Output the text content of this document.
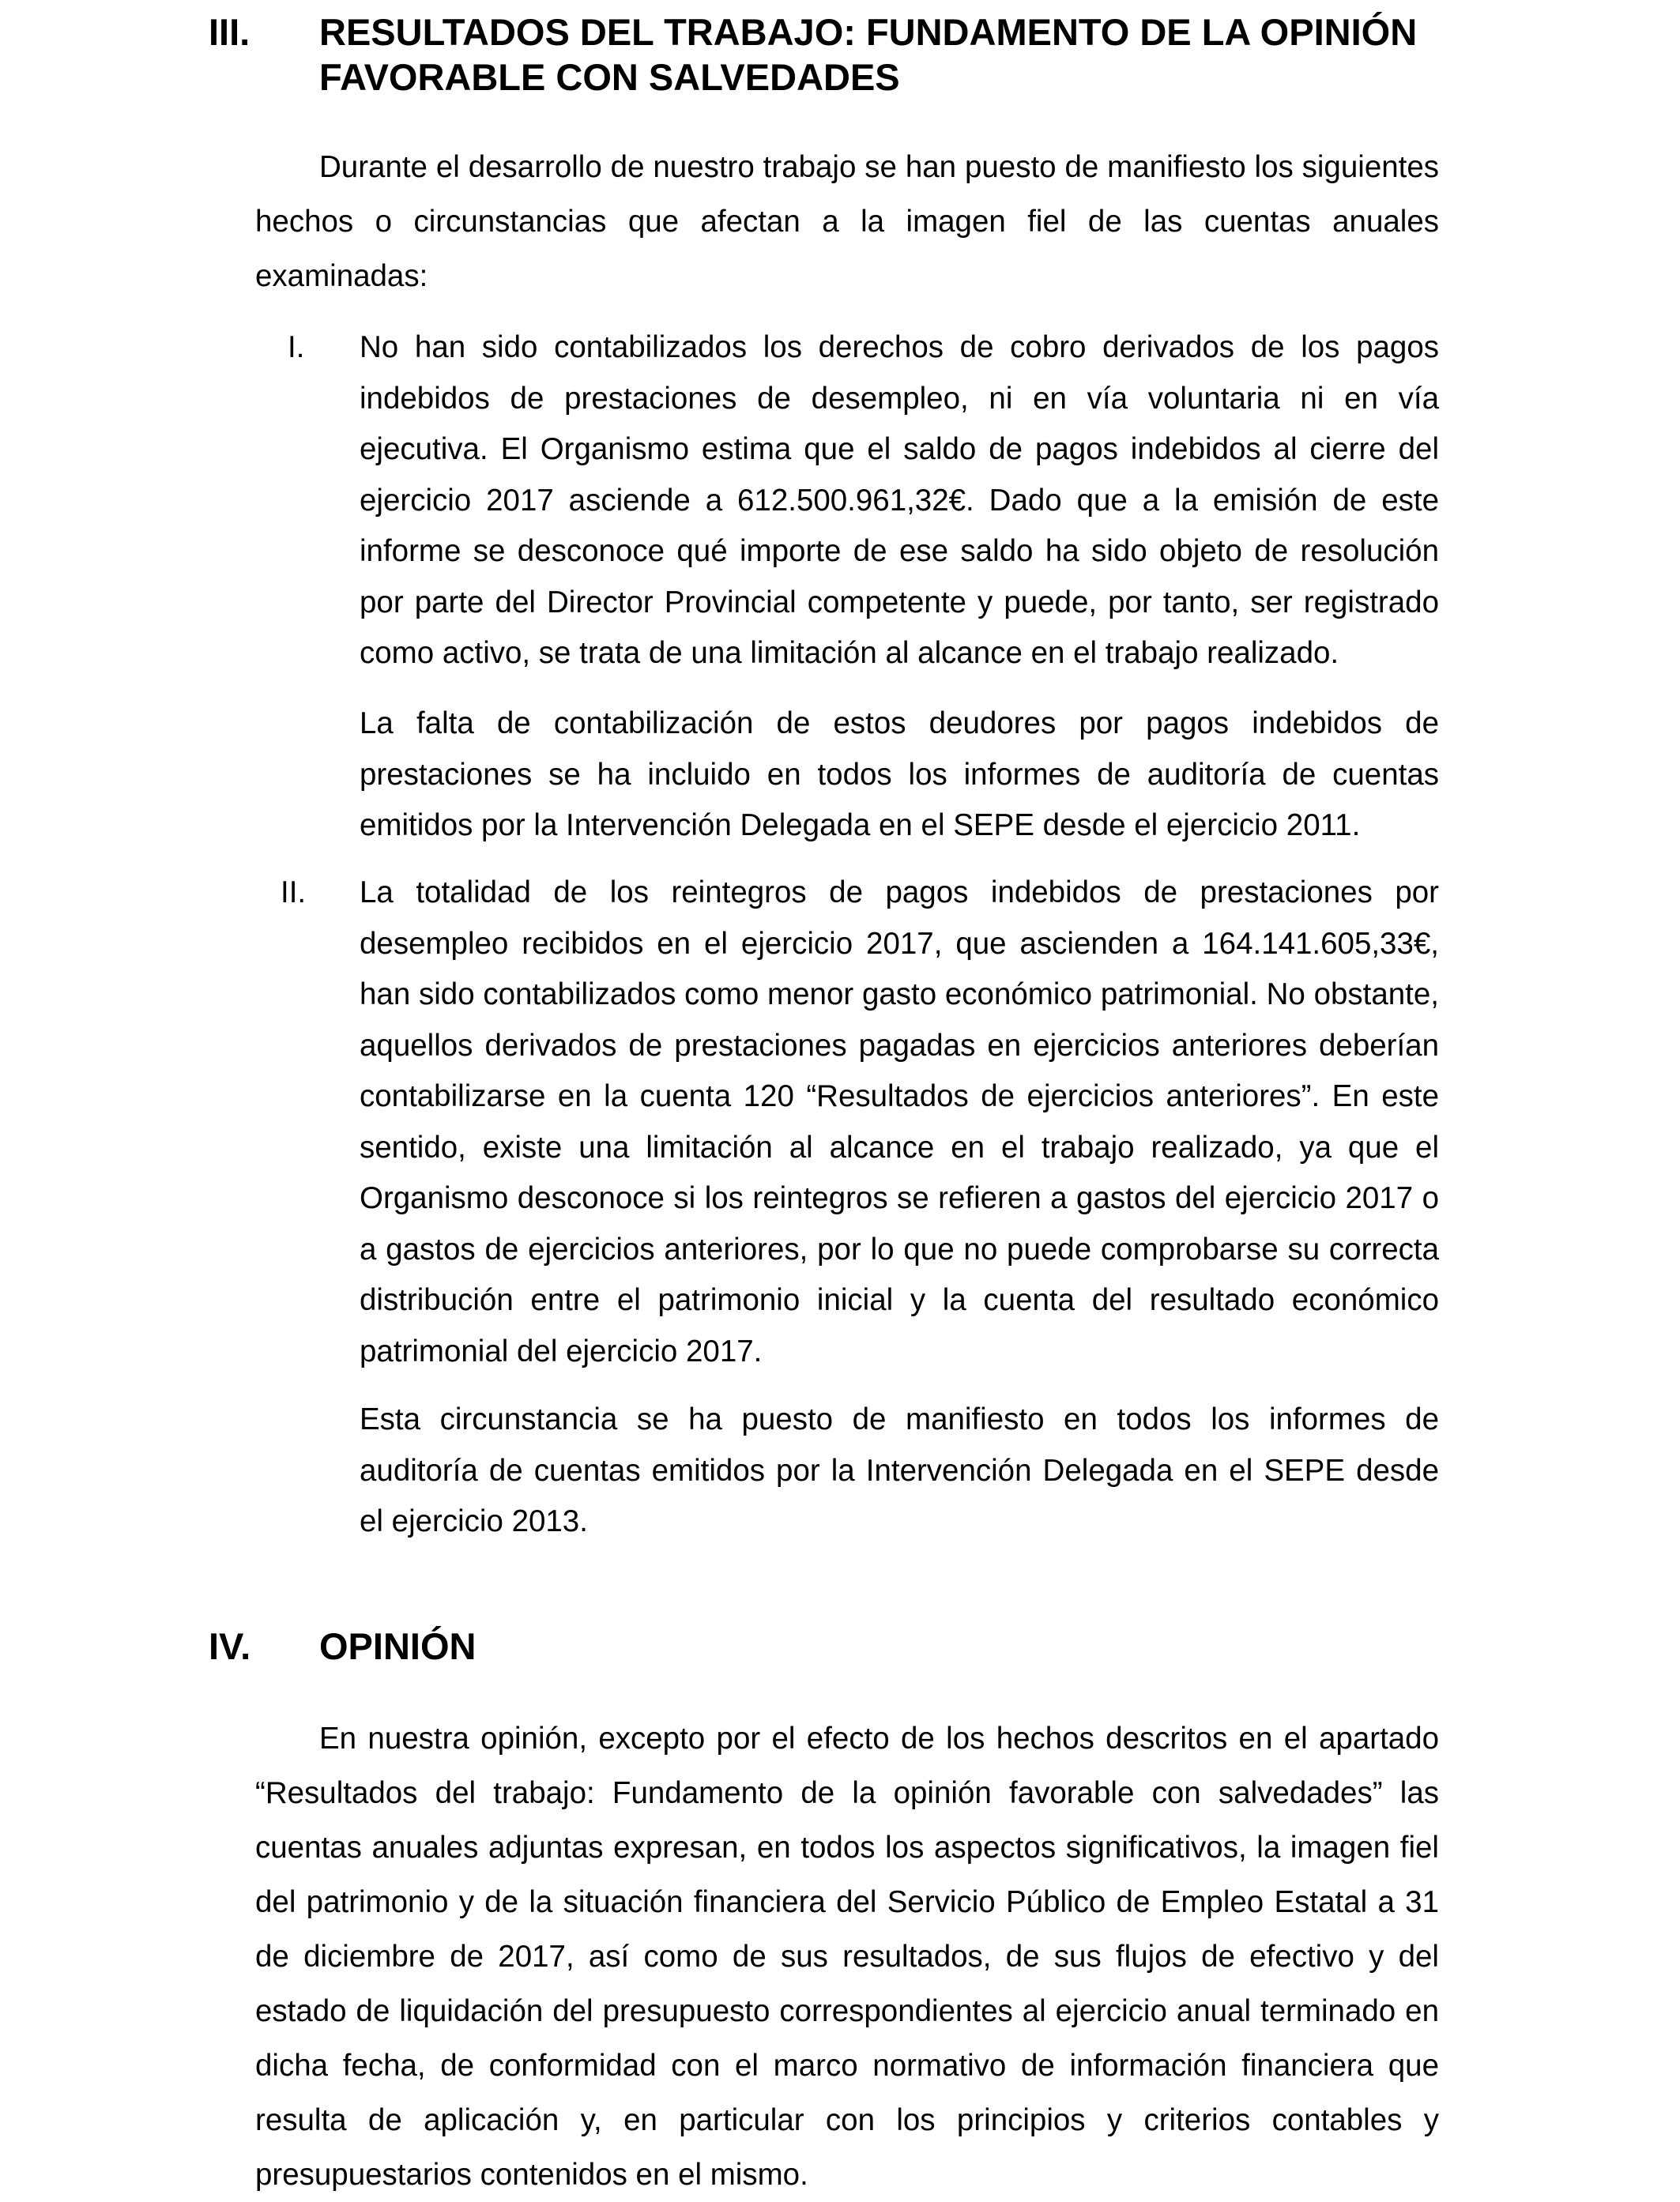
III. RESULTADOS DEL TRABAJO: FUNDAMENTO DE LA OPINIÓN FAVORABLE CON SALVEDADES

Durante el desarrollo de nuestro trabajo se han puesto de manifiesto los siguientes hechos o circunstancias que afectan a la imagen fiel de las cuentas anuales examinadas:

I. No han sido contabilizados los derechos de cobro derivados de los pagos indebidos de prestaciones de desempleo, ni en vía voluntaria ni en vía ejecutiva. El Organismo estima que el saldo de pagos indebidos al cierre del ejercicio 2017 asciende a 612.500.961,32€. Dado que a la emisión de este informe se desconoce qué importe de ese saldo ha sido objeto de resolución por parte del Director Provincial competente y puede, por tanto, ser registrado como activo, se trata de una limitación al alcance en el trabajo realizado.

La falta de contabilización de estos deudores por pagos indebidos de prestaciones se ha incluido en todos los informes de auditoría de cuentas emitidos por la Intervención Delegada en el SEPE desde el ejercicio 2011.

II. La totalidad de los reintegros de pagos indebidos de prestaciones por desempleo recibidos en el ejercicio 2017, que ascienden a 164.141.605,33€, han sido contabilizados como menor gasto económico patrimonial. No obstante, aquellos derivados de prestaciones pagadas en ejercicios anteriores deberían contabilizarse en la cuenta 120 “Resultados de ejercicios anteriores”. En este sentido, existe una limitación al alcance en el trabajo realizado, ya que el Organismo desconoce si los reintegros se refieren a gastos del ejercicio 2017 o a gastos de ejercicios anteriores, por lo que no puede comprobarse su correcta distribución entre el patrimonio inicial y la cuenta del resultado económico patrimonial del ejercicio 2017.

Esta circunstancia se ha puesto de manifiesto en todos los informes de auditoría de cuentas emitidos por la Intervención Delegada en el SEPE desde el ejercicio 2013.

IV. OPINIÓN

En nuestra opinión, excepto por el efecto de los hechos descritos en el apartado “Resultados del trabajo: Fundamento de la opinión favorable con salvedades” las cuentas anuales adjuntas expresan, en todos los aspectos significativos, la imagen fiel del patrimonio y de la situación financiera del Servicio Público de Empleo Estatal a 31 de diciembre de 2017, así como de sus resultados, de sus flujos de efectivo y del estado de liquidación del presupuesto correspondientes al ejercicio anual terminado en dicha fecha, de conformidad con el marco normativo de información financiera que resulta de aplicación y, en particular con los principios y criterios contables y presupuestarios contenidos en el mismo.
